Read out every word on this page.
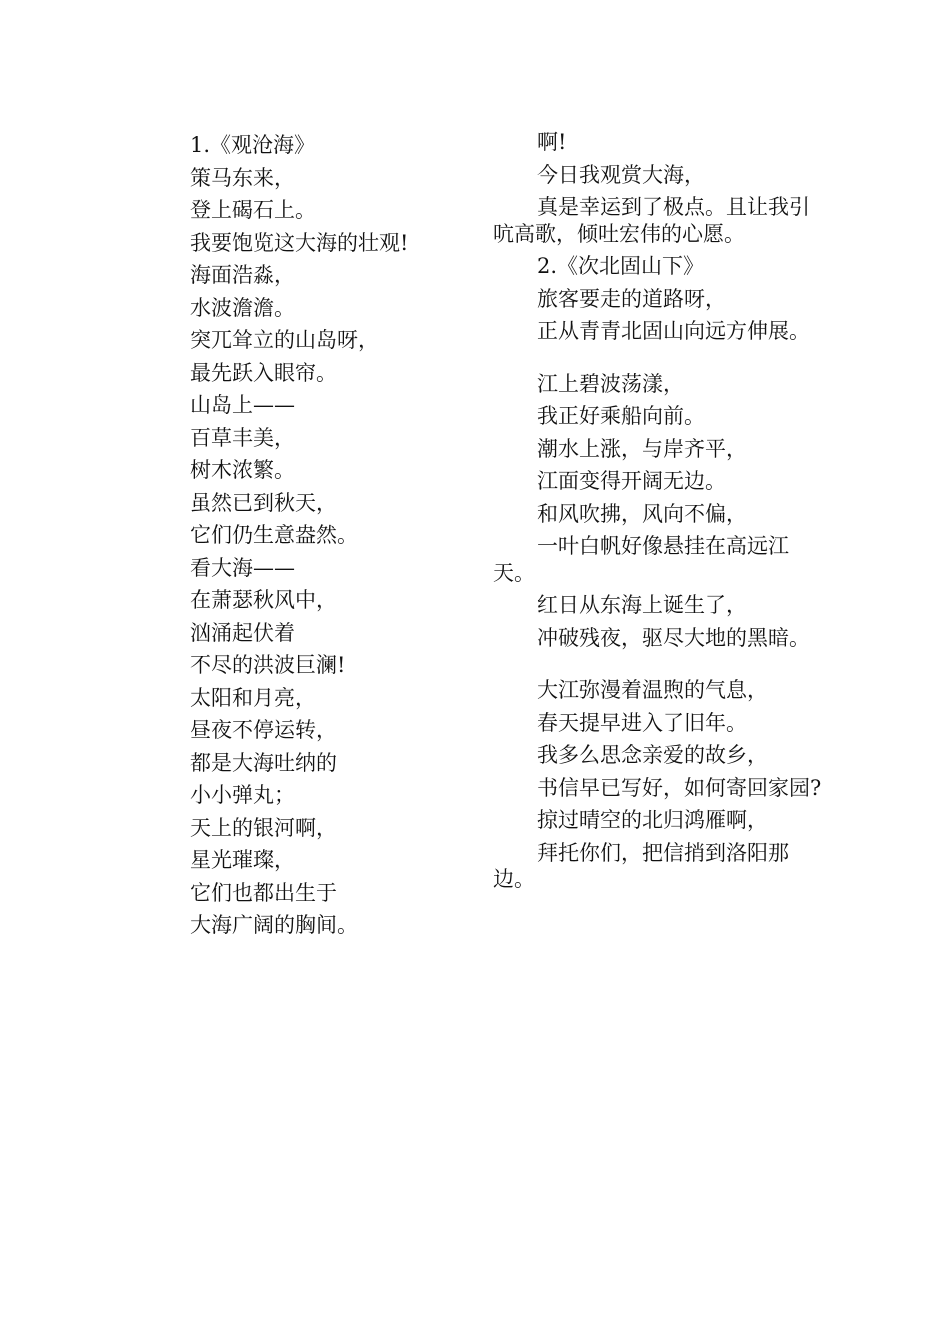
1.《观沧海》
策马东来，
登上碣石上。
我要饱览这大海的壮观!
海面浩淼，
水波澹澹。
突兀耸立的山岛呀，
最先跃入眼帘。
山岛上——
百草丰美，
树木浓繁。
虽然已到秋天，
它们仍生意盎然。
看大海——
在萧瑟秋风中，
汹涌起伏着
不尽的洪波巨澜!
太阳和月亮，
昼夜不停运转，
都是大海吐纳的
小小弹丸；
天上的银河啊，
星光璀璨，
它们也都出生于
大海广阔的胸间。
啊!
今日我观赏大海，
真是幸运到了极点。且让我引吭高歌，倾吐宏伟的心愿。
2.《次北固山下》
旅客要走的道路呀，
正从青青北固山向远方伸展。
江上碧波荡漾，
我正好乘船向前。
潮水上涨，与岸齐平，
江面变得开阔无边。
和风吹拂，风向不偏，
一叶白帆好像悬挂在高远江天。
红日从东海上诞生了，
冲破残夜，驱尽大地的黑暗。
大江弥漫着温煦的气息，
春天提早进入了旧年。
我多么思念亲爱的故乡，
书信早已写好，如何寄回家园?
掠过晴空的北归鸿雁啊，
拜托你们，把信捎到洛阳那边。
